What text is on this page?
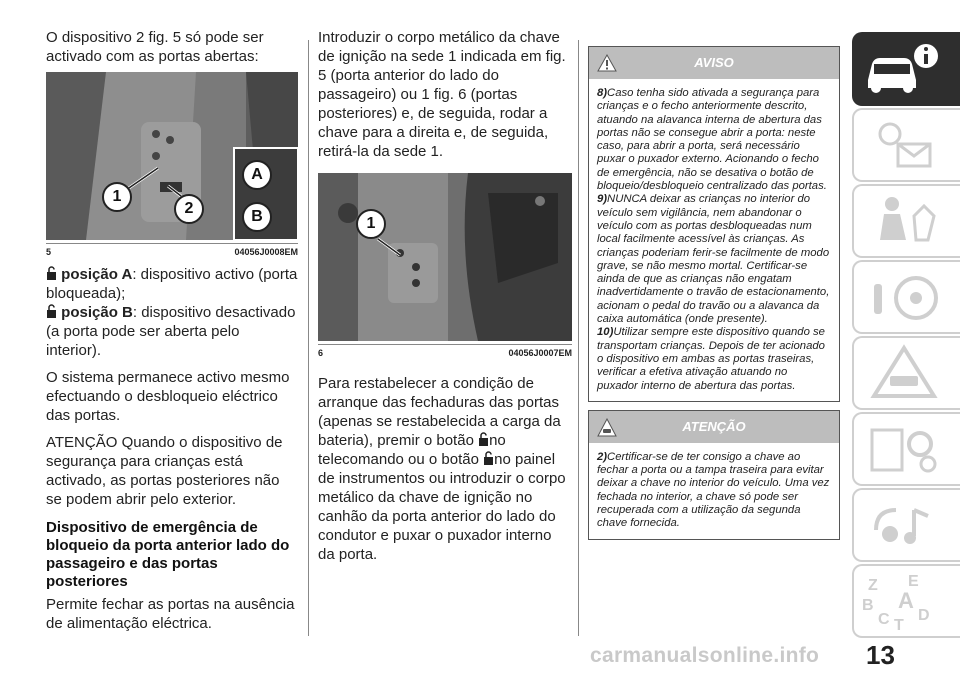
O dispositivo 2 fig. 5 só pode ser activado com as portas abertas:

A
1
2	B
5	04056J0008EM

posição A: dispositivo activo (porta bloqueada);

posição B: dispositivo desactivado (a porta pode ser aberta pelo interior).

O sistema permanece activo mesmo efectuando o desbloqueio eléctrico das portas.

ATENÇÃO Quando o dispositivo de segurança para crianças está activado, as portas posteriores não se podem abrir pelo exterior.

Dispositivo de emergência de bloqueio da porta anterior lado do passageiro e das portas posteriores

Permite fechar as portas na ausência de alimentação eléctrica.

Introduzir o corpo metálico da chave de ignição na sede 1 indicada em fig. 5 (porta anterior do lado do passageiro) ou 1 fig. 6 (portas posteriores) e, de seguida, rodar a chave para a direita e, de seguida, retirá-la da sede 1.

1
6	04056J0007EM

Para restabelecer a condição de arranque das fechaduras das portas (apenas se restabelecida a carga da bateria), premir o botão no telecomando ou o botão no painel de instrumentos ou introduzir o corpo metálico da chave de ignição no canhão da porta anterior do lado do condutor e puxar o puxador interno da porta.

AVISO

8)Caso tenha sido ativada a segurança para crianças e o fecho anteriormente descrito, atuando na alavanca interna de abertura das portas não se consegue abrir a porta: neste caso, para abrir a porta, será necessário puxar o puxador externo. Acionando o fecho de emergência, não se desativa o botão de bloqueio/desbloqueio centralizado das portas.

9)NUNCA deixar as crianças no interior do veículo sem vigilância, nem abandonar o veículo com as portas desbloqueadas num local facilmente acessível às crianças. As crianças poderiam ferir-se facilmente de modo grave, se não mesmo mortal. Certificar-se ainda de que as crianças não engatam inadvertidamente o travão de estacionamento, acionam o pedal do travão ou a alavanca da caixa automática (onde presente).

10)Utilizar sempre este dispositivo quando se transportam crianças. Depois de ter acionado o dispositivo em ambas as portas traseiras, verificar a efetiva ativação atuando no puxador interno de abertura das portas.

ATENÇÃO

2)Certificar-se de ter consigo a chave ao fechar a porta ou a tampa traseira para evitar deixar a chave no interior do veículo. Uma vez fechada no interior, a chave só pode ser recuperada com a utilização da segunda chave fornecida.

Z E
B A
C T
D
carmanualsonline.info 13
